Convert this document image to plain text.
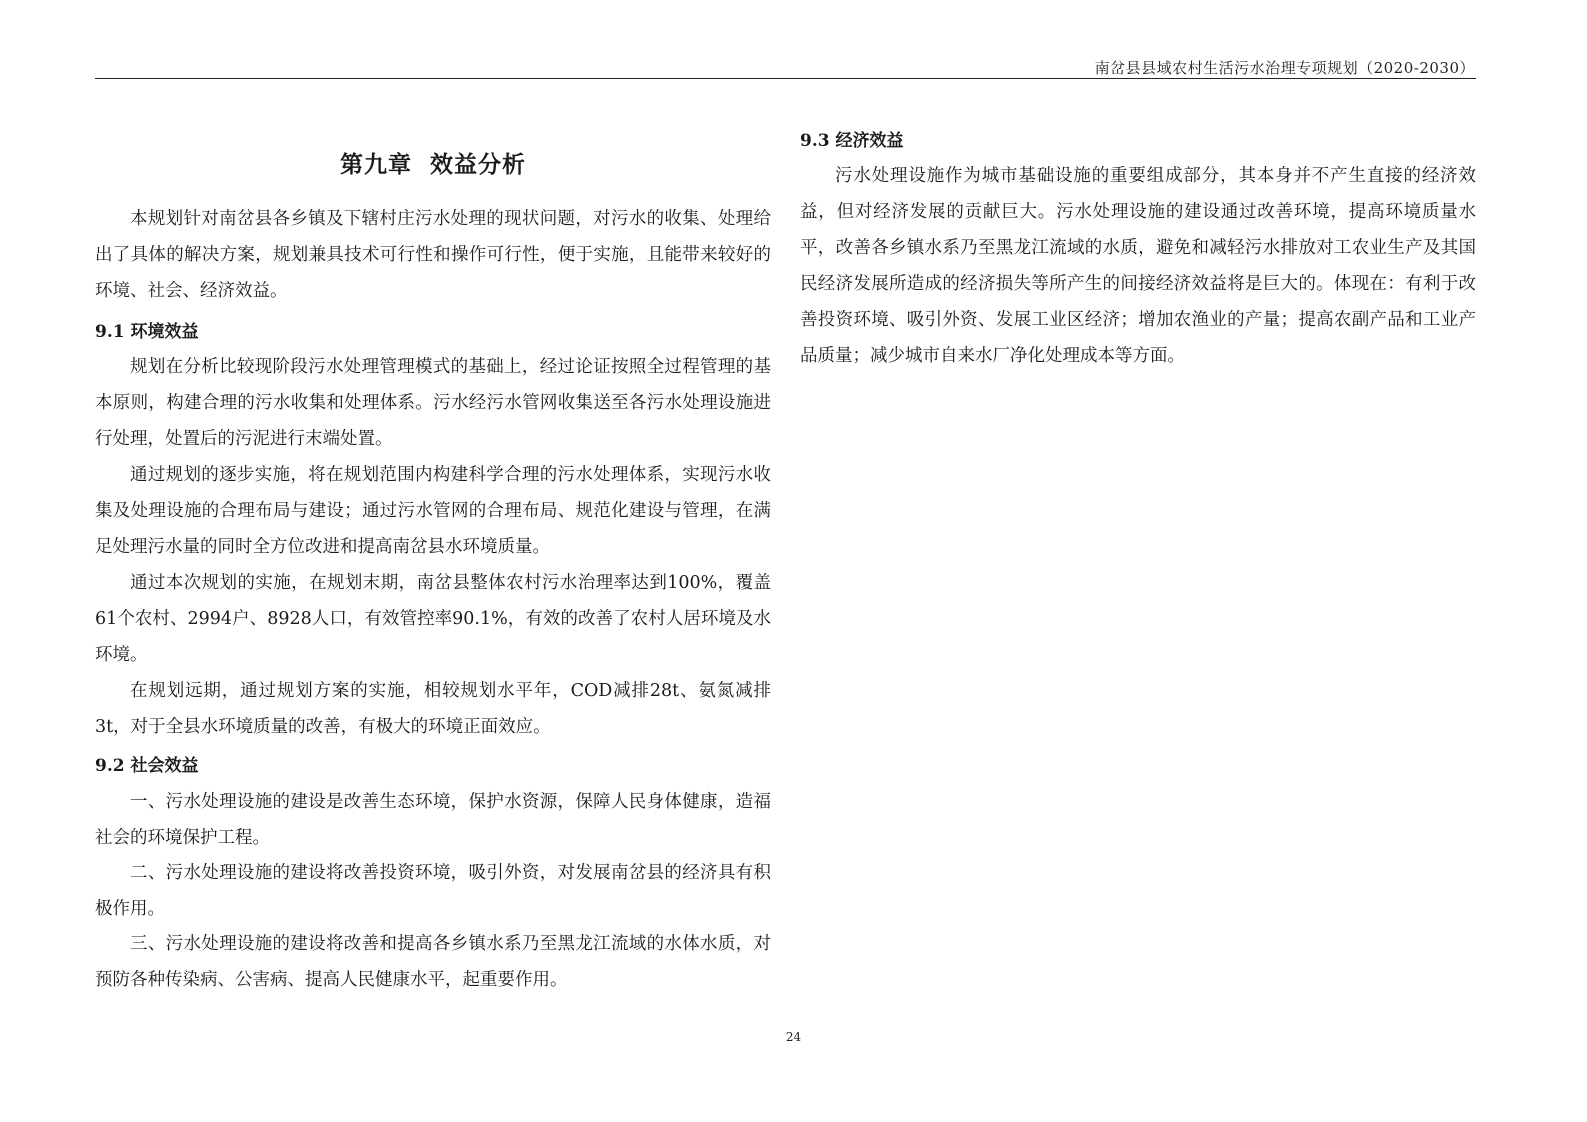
南岔县县域农村生活污水治理专项规划（2020-2030）
第九章  效益分析

本规划针对南岔县各乡镇及下辖村庄污水处理的现状问题，对污水的收集、处理给出了具体的解决方案，规划兼具技术可行性和操作可行性，便于实施，且能带来较好的环境、社会、经济效益。

9.1 环境效益

规划在分析比较现阶段污水处理管理模式的基础上，经过论证按照全过程管理的基本原则，构建合理的污水收集和处理体系。污水经污水管网收集送至各污水处理设施进行处理，处置后的污泥进行末端处置。

通过规划的逐步实施，将在规划范围内构建科学合理的污水处理体系，实现污水收集及处理设施的合理布局与建设；通过污水管网的合理布局、规范化建设与管理，在满足处理污水量的同时全方位改进和提高南岔县水环境质量。

通过本次规划的实施，在规划末期，南岔县整体农村污水治理率达到100%，覆盖61个农村、2994户、8928人口，有效管控率90.1%，有效的改善了农村人居环境及水环境。

在规划远期，通过规划方案的实施，相较规划水平年，COD减排28t、氨氮减排3t，对于全县水环境质量的改善，有极大的环境正面效应。

9.2 社会效益

一、污水处理设施的建设是改善生态环境，保护水资源，保障人民身体健康，造福社会的环境保护工程。

二、污水处理设施的建设将改善投资环境，吸引外资，对发展南岔县的经济具有积极作用。

三、污水处理设施的建设将改善和提高各乡镇水系乃至黑龙江流域的水体水质，对预防各种传染病、公害病、提高人民健康水平，起重要作用。

9.3 经济效益

污水处理设施作为城市基础设施的重要组成部分，其本身并不产生直接的经济效益，但对经济发展的贡献巨大。污水处理设施的建设通过改善环境，提高环境质量水平，改善各乡镇水系乃至黑龙江流域的水质，避免和减轻污水排放对工农业生产及其国民经济发展所造成的经济损失等所产生的间接经济效益将是巨大的。体现在：有利于改善投资环境、吸引外资、发展工业区经济；增加农渔业的产量；提高农副产品和工业产品质量；减少城市自来水厂净化处理成本等方面。

24
